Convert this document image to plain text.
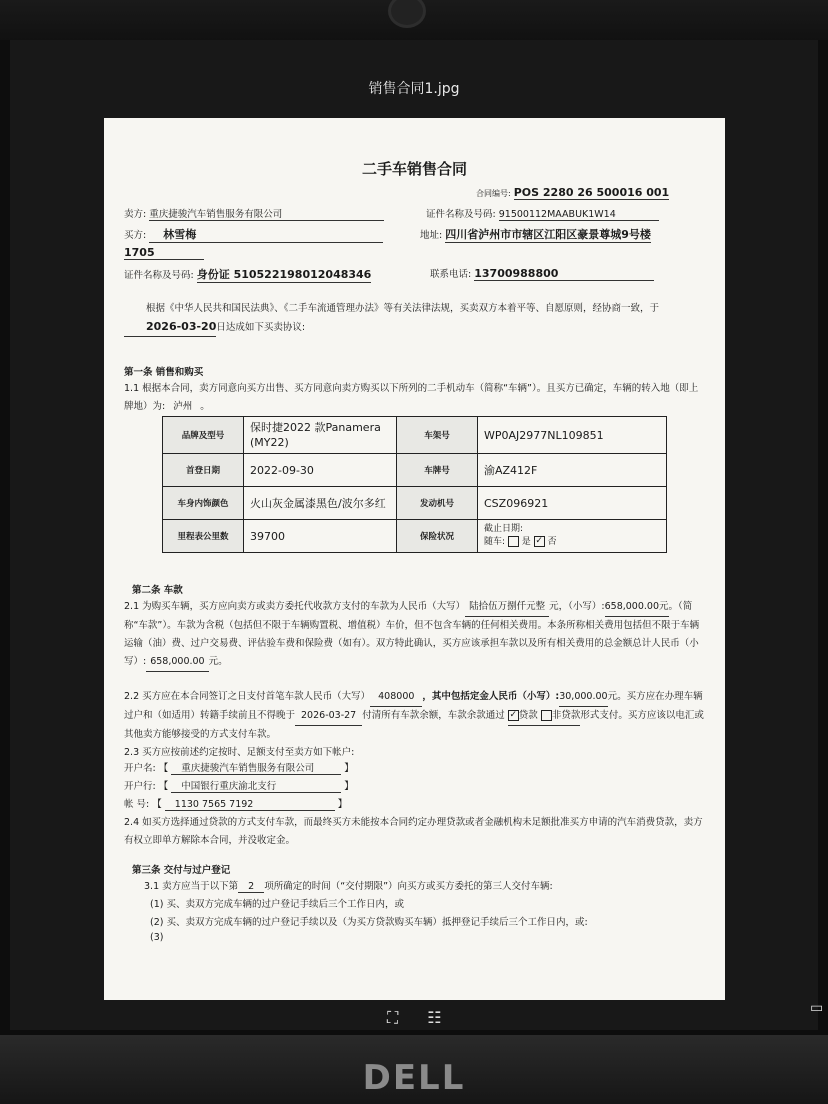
销售合同1.jpg
二手车销售合同
合同编号: POS 2280 26 500016 001
卖方: 重庆捷骏汽车销售服务有限公司	证件名称及号码: 91500112MAABUK1W14
买方: 林雪梅	地址: 四川省泸州市市辖区江阳区豪景尊城9号楼
1705
证件名称及号码: 身份证 510522198012048346	联系电话: 13700988800
根据《中华人民共和国民法典》、《二手车流通管理办法》等有关法律法规，买卖双方本着平等、自愿原则，经协商一致，于2026-03-20日达成如下买卖协议:
第一条 销售和购买
1.1 根据本合同，卖方同意向买方出售、买方同意向卖方购买以下所列的二手机动车（简称“车辆”）。且买方已确定，车辆的转入地（即上牌地）为: 泸州 。
品牌及型号	保时捷2022 款Panamera (MY22)	车架号	WP0AJ2977NL109851
首登日期	2022-09-30	车牌号	渝AZ412F
车身内饰颜色	火山灰金属漆黑色/波尔多红	发动机号	CSZ096921
里程表公里数	39700	保险状况	截止日期:
随车: 是 ✓ 否
第二条 车款
2.1 为购买车辆，买方应向卖方或卖方委托代收款方支付的车款为人民币（大写） 陆拾伍万捌仟元整 元，（小写）:658,000.00元。（简称“车款”）。车款为含税（包括但不限于车辆购置税、增值税）车价，但不包含车辆的任何相关费用。本条所称相关费用包括但不限于车辆运输（油）费、过户交易费、评估验车费和保险费（如有）。双方特此确认，买方应该承担车款以及所有相关费用的总金额总计人民币（小写）: 658,000.00 元。
2.2 买方应在本合同签订之日支付首笔车款人民币（大写） 408000 ，其中包括定金人民币（小写）:30,000.00元。买方应在办理车辆过户和（如适用）转籍手续前且不得晚于 2026-03-27 付清所有车款余额，车款余款通过 ✓ 贷款 非贷款形式支付。买方应该以电汇或其他卖方能够接受的方式支付车款。
2.3 买方应按前述约定按时、足额支付至卖方如下帐户:
开户名: 【 重庆捷骏汽车销售服务有限公司	】
开户行: 【 中国银行重庆渝北支行	】
帐 号: 【 1130 7565 7192	】
2.4 如买方选择通过贷款的方式支付车款，而最终买方未能按本合同约定办理贷款或者金融机构未足额批准买方申请的汽车消费贷款，卖方有权立即单方解除本合同，并没收定金。
第三条 交付与过户登记
3.1 卖方应当于以下第 2 项所确定的时间（“交付期限”）向买方或买方委托的第三人交付车辆:
(1) 买、卖双方完成车辆的过户登记手续后三个工作日内，或
(2) 买、卖双方完成车辆的过户登记手续以及（为买方贷款购买车辆）抵押登记手续后三个工作日内，或:
(3)
⛶ ☷	▭
DELL
